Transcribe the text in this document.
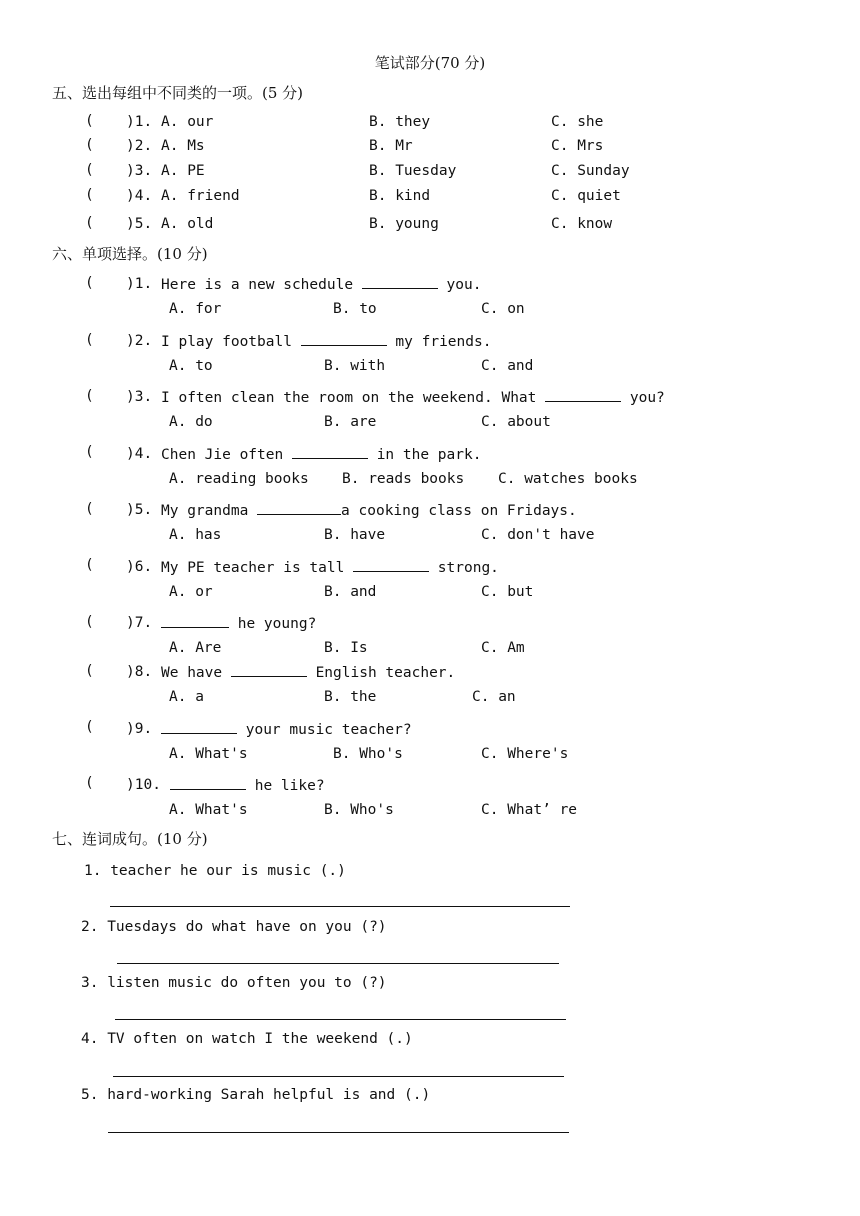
笔试部分(70 分)
五、选出每组中不同类的一项。(5 分)
( )1. A. our	B. they	C. she
( )2. A. Ms	B. Mr	C. Mrs
( )3. A. PE	B. Tuesday	C. Sunday
( )4. A. friend	B. kind	C. quiet
( )5. A. old	B. young	C. know
六、单项选择。(10 分)
( )1. Here is a new schedule	you.
A. for	B. to	C. on
( )2. I play football	my friends.
A. to	B. with	C. and
( )3. I often clean the room on the weekend. What	you?
A. do	B. are	C. about
( )4. Chen Jie often	in the park.
A. reading books B. reads books C. watches books
( )5. My grandma	a cooking class on Fridays.
A. has	B. have	C. don't have
( )6. My PE teacher is tall	strong.
A. or	B. and	C. but
( )7.	he young?
A. Are	B. Is	C. Am
( )8. We have	English teacher.
A. a	B. the	C. an
( )9.	your music teacher?
A. What's	B. Who's	C. Where's
( )10.	he like?
A. What's	B. Who's	C. What’ re
七、连词成句。(10 分)
1. teacher he our is music (.)
2. Tuesdays do what have on you (?)
3. listen music do often you to (?)
4. TV often on watch I the weekend (.)
5. hard-working Sarah helpful is and (.)
